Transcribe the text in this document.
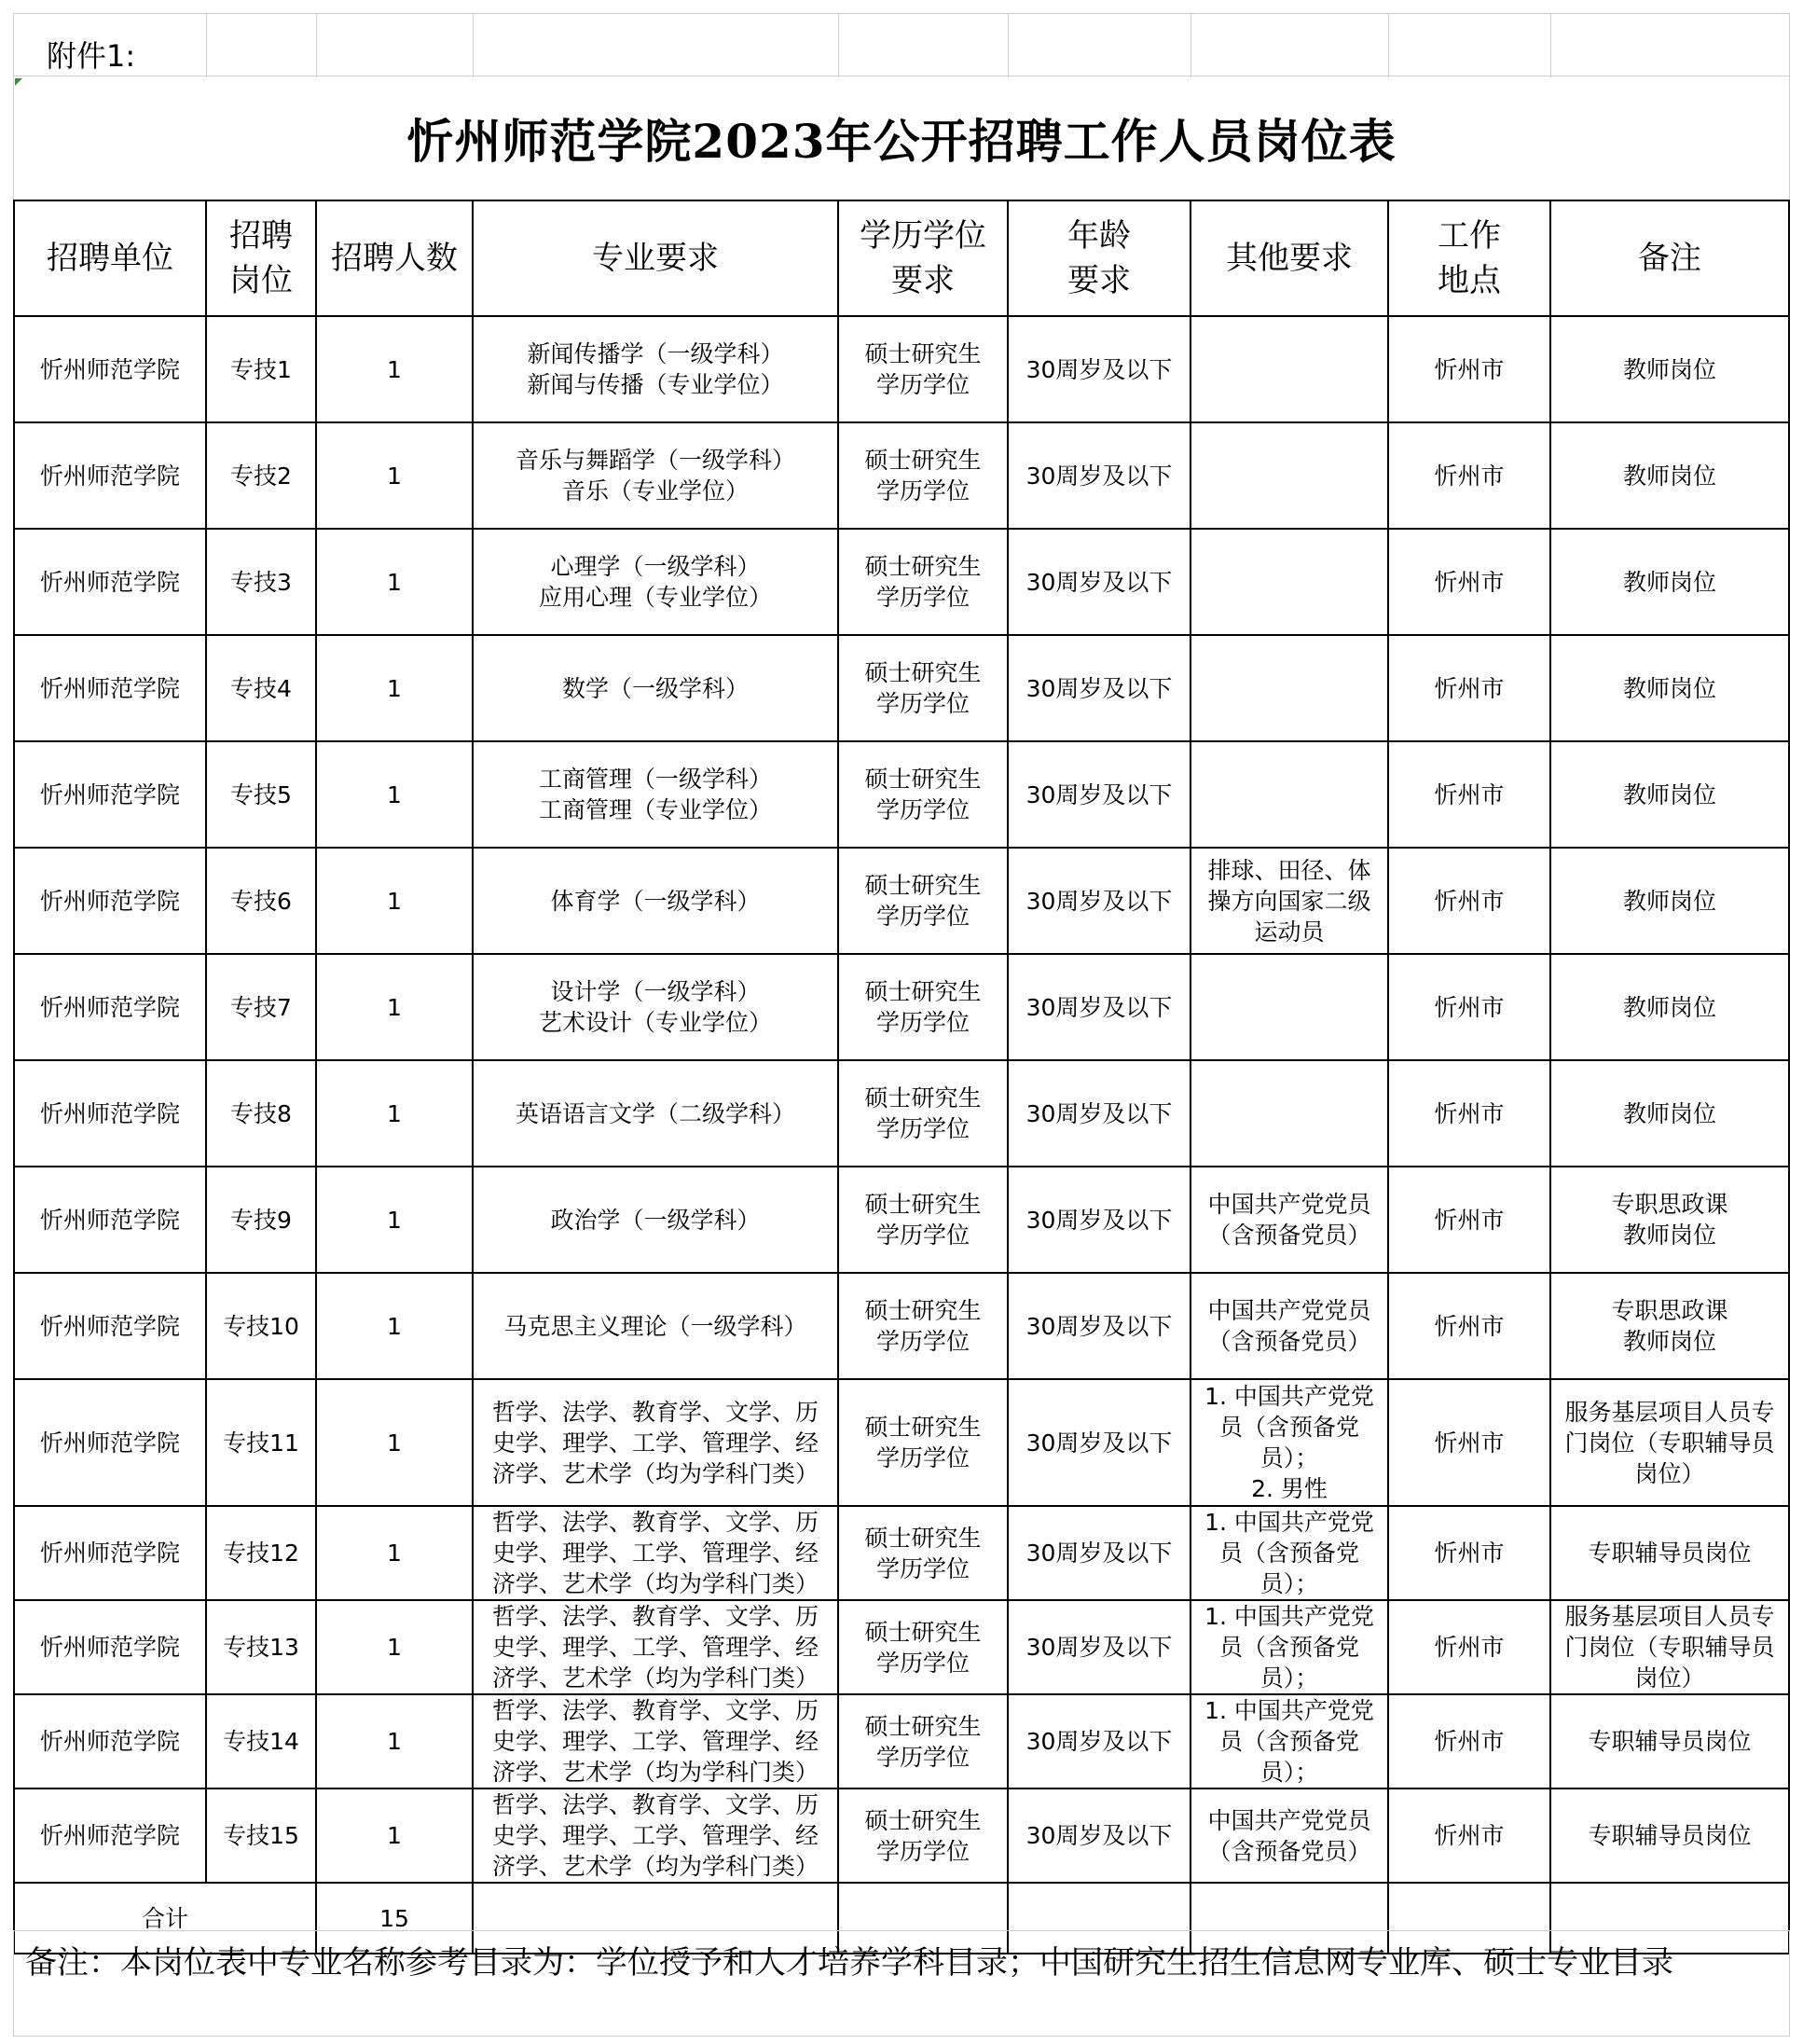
附件1:
忻州师范学院2023年公开招聘工作人员岗位表
招聘单位	招聘岗位	招聘人数	专业要求	学历学位要求	年龄要求	其他要求	工作地点	备注
忻州师范学院	专技1	1	新闻传播学（一级学科）
新闻与传播（专业学位）	硕士研究生
学历学位	30周岁及以下		忻州市	教师岗位
忻州师范学院	专技2	1	音乐与舞蹈学（一级学科）
音乐（专业学位）	硕士研究生
学历学位	30周岁及以下		忻州市	教师岗位
忻州师范学院	专技3	1	心理学（一级学科）
应用心理（专业学位）	硕士研究生
学历学位	30周岁及以下		忻州市	教师岗位
忻州师范学院	专技4	1	数学（一级学科）	硕士研究生
学历学位	30周岁及以下		忻州市	教师岗位
忻州师范学院	专技5	1	工商管理（一级学科）
工商管理（专业学位）	硕士研究生
学历学位	30周岁及以下		忻州市	教师岗位
忻州师范学院	专技6	1	体育学（一级学科）	硕士研究生
学历学位	30周岁及以下	排球、田径、体
操方向国家二级
运动员	忻州市	教师岗位
忻州师范学院	专技7	1	设计学（一级学科）
艺术设计（专业学位）	硕士研究生
学历学位	30周岁及以下		忻州市	教师岗位
忻州师范学院	专技8	1	英语语言文学（二级学科）	硕士研究生
学历学位	30周岁及以下		忻州市	教师岗位
忻州师范学院	专技9	1	政治学（一级学科）	硕士研究生
学历学位	30周岁及以下	中国共产党党员
（含预备党员）	忻州市	专职思政课
教师岗位
忻州师范学院	专技10	1	马克思主义理论（一级学科）	硕士研究生
学历学位	30周岁及以下	中国共产党党员
（含预备党员）	忻州市	专职思政课
教师岗位
忻州师范学院	专技11	1	哲学、法学、教育学、文学、历
史学、理学、工学、管理学、经
济学、艺术学（均为学科门类）	硕士研究生
学历学位	30周岁及以下	1. 中国共产党党
员（含预备党
员）；
2. 男性	忻州市	服务基层项目人员专
门岗位（专职辅导员
岗位）
忻州师范学院	专技12	1	哲学、法学、教育学、文学、历
史学、理学、工学、管理学、经
济学、艺术学（均为学科门类）	硕士研究生
学历学位	30周岁及以下	1. 中国共产党党
员（含预备党
员）；	忻州市	专职辅导员岗位
忻州师范学院	专技13	1	哲学、法学、教育学、文学、历
史学、理学、工学、管理学、经
济学、艺术学（均为学科门类）	硕士研究生
学历学位	30周岁及以下	1. 中国共产党党
员（含预备党
员）；	忻州市	服务基层项目人员专
门岗位（专职辅导员
岗位）
忻州师范学院	专技14	1	哲学、法学、教育学、文学、历
史学、理学、工学、管理学、经
济学、艺术学（均为学科门类）	硕士研究生
学历学位	30周岁及以下	1. 中国共产党党
员（含预备党
员）；	忻州市	专职辅导员岗位
忻州师范学院	专技15	1	哲学、法学、教育学、文学、历
史学、理学、工学、管理学、经
济学、艺术学（均为学科门类）	硕士研究生
学历学位	30周岁及以下	中国共产党党员
（含预备党员）	忻州市	专职辅导员岗位
合计		15						
备注：本岗位表中专业名称参考目录为：学位授予和人才培养学科目录；中国研究生招生信息网专业库、硕士专业目录
